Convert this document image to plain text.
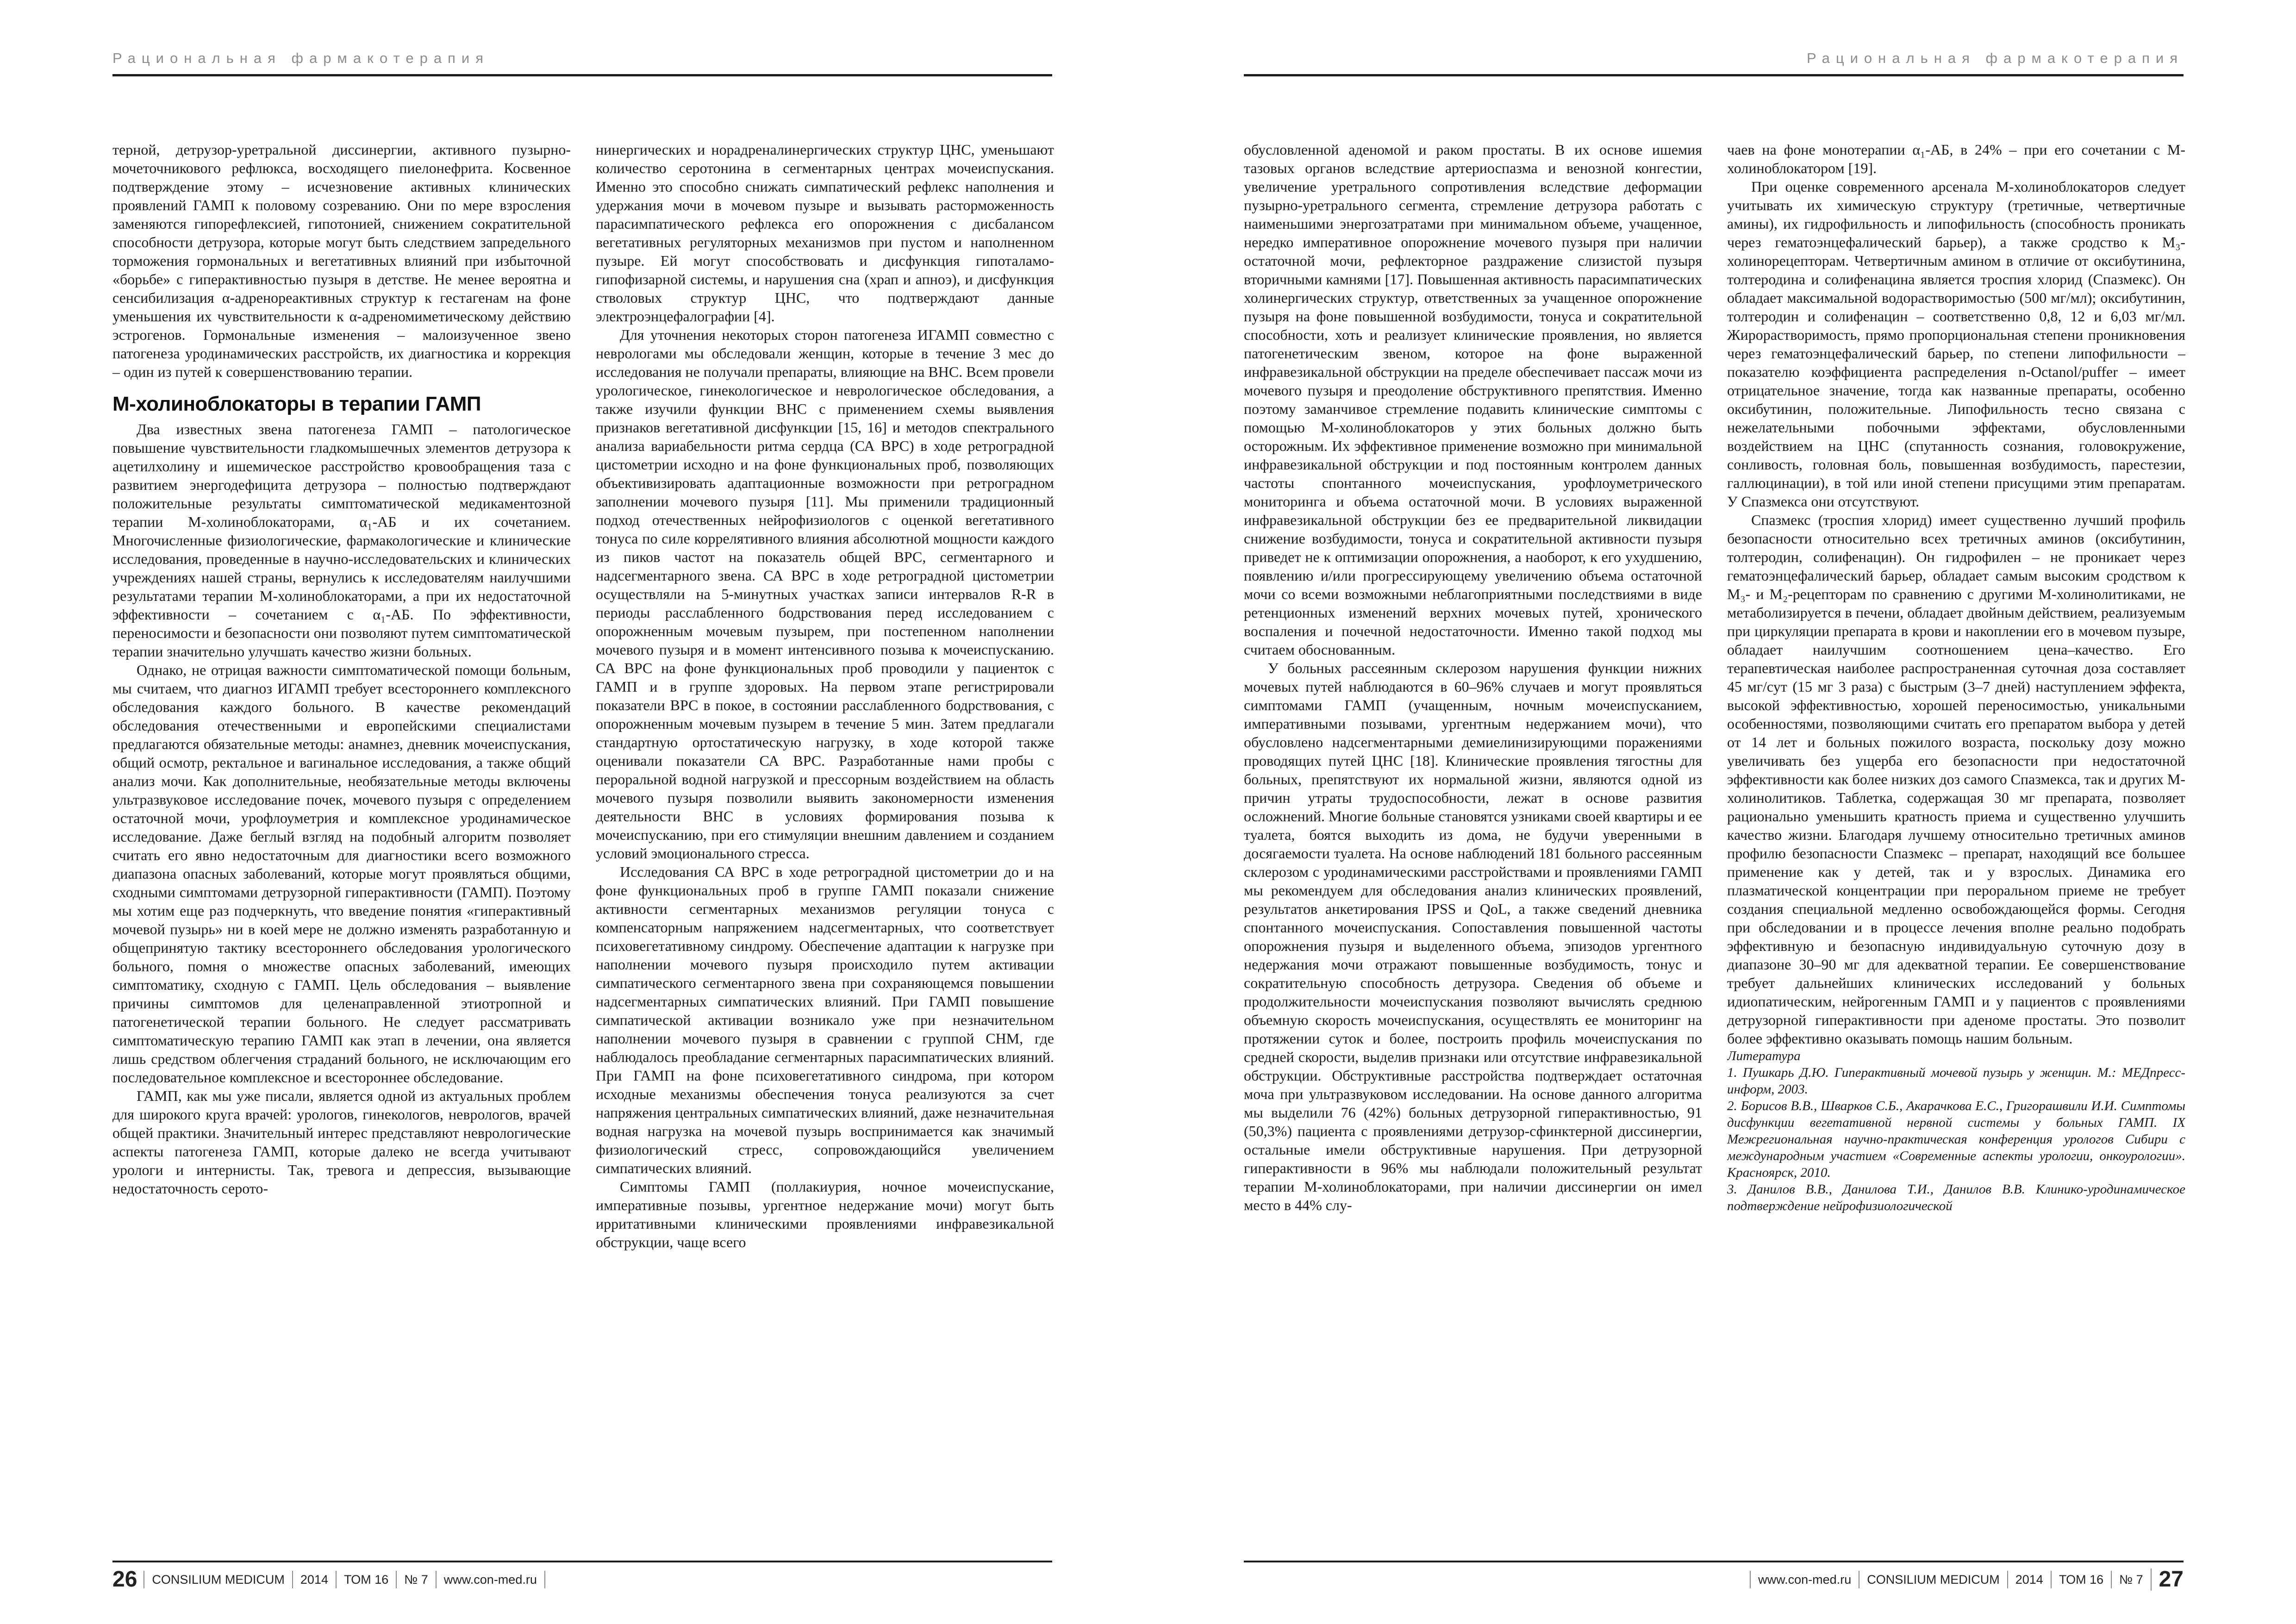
Рациональная фармакотерапия

терной, детрузор-уретральной диссинергии, активного пузырно-мочеточникового рефлюкса, восходящего пиелонефрита. Косвенное подтверждение этому – исчезновение активных клинических проявлений ГАМП к половому созреванию. Они по мере взросления заменяются гипорефлексией, гипотонией, снижением сократительной способности детрузора, которые могут быть следствием запредельного торможения гормональных и вегетативных влияний при избыточной «борьбе» с гиперактивностью пузыря в детстве. Не менее вероятна и сенсибилизация α-адренореактивных структур к гестагенам на фоне уменьшения их чувствительности к α-адреномиметическому действию эстрогенов. Гормональные изменения – малоизученное звено патогенеза уродинамических расстройств, их диагностика и коррекция – один из путей к совершенствованию терапии.

М-холиноблокаторы в терапии ГАМП

Два известных звена патогенеза ГАМП – патологическое повышение чувствительности гладкомышечных элементов детрузора к ацетилхолину и ишемическое расстройство кровообращения таза с развитием энергодефицита детрузора – полностью подтверждают положительные результаты симптоматической медикаментозной терапии М-холиноблокаторами, α₁-АБ и их сочетанием. Многочисленные физиологические, фармакологические и клинические исследования, проведенные в научно-исследовательских и клинических учреждениях нашей страны, вернулись к исследователям наилучшими результатами терапии М-холиноблокаторами, а при их недостаточной эффективности – сочетанием с α₁-АБ. По эффективности, переносимости и безопасности они позволяют путем симптоматической терапии значительно улучшать качество жизни больных.

Однако, не отрицая важности симптоматической помощи больным, мы считаем, что диагноз ИГАМП требует всестороннего комплексного обследования каждого больного. В качестве рекомендаций обследования отечественными и европейскими специалистами предлагаются обязательные методы: анамнез, дневник мочеиспускания, общий осмотр, ректальное и вагинальное исследования, а также общий анализ мочи. Как дополнительные, необязательные методы включены ультразвуковое исследование почек, мочевого пузыря с определением остаточной мочи, урофлоуметрия и комплексное уродинамическое исследование. Даже беглый взгляд на подобный алгоритм позволяет считать его явно недостаточным для диагностики всего возможного диапазона опасных заболеваний, которые могут проявляться общими, сходными симптомами детрузорной гиперактивности (ГАМП). Поэтому мы хотим еще раз подчеркнуть, что введение понятия «гиперактивный мочевой пузырь» ни в коей мере не должно изменять разработанную и общепринятую тактику всестороннего обследования урологического больного, помня о множестве опасных заболеваний, имеющих симптоматику, сходную с ГАМП. Цель обследования – выявление причины симптомов для целенаправленной этиотропной и патогенетической терапии больного. Не следует рассматривать симптоматическую терапию ГАМП как этап в лечении, она является лишь средством облегчения страданий больного, не исключающим его последовательное комплексное и всестороннее обследование.

ГАМП, как мы уже писали, является одной из актуальных проблем для широкого круга врачей: урологов, гинекологов, неврологов, врачей общей практики. Значительный интерес представляют неврологические аспекты патогенеза ГАМП, которые далеко не всегда учитывают урологи и интернисты. Так, тревога и депрессия, вызывающие недостаточность серото-

нинергических и норадреналинергических структур ЦНС, уменьшают количество серотонина в сегментарных центрах мочеиспускания. Именно это способно снижать симпатический рефлекс наполнения и удержания мочи в мочевом пузыре и вызывать расторможенность парасимпатического рефлекса его опорожнения с дисбалансом вегетативных регуляторных механизмов при пустом и наполненном пузыре. Ей могут способствовать и дисфункция гипоталамо-гипофизарной системы, и нарушения сна (храп и апноэ), и дисфункция стволовых структур ЦНС, что подтверждают данные электроэнцефалографии [4].

Для уточнения некоторых сторон патогенеза ИГАМП совместно с неврологами мы обследовали женщин, которые в течение 3 мес до исследования не получали препараты, влияющие на ВНС. Всем провели урологическое, гинекологическое и неврологическое обследования, а также изучили функции ВНС с применением схемы выявления признаков вегетативной дисфункции [15, 16] и методов спектрального анализа вариабельности ритма сердца (СА ВРС) в ходе ретроградной цистометрии исходно и на фоне функциональных проб, позволяющих объективизировать адаптационные возможности при ретроградном заполнении мочевого пузыря [11]. Мы применили традиционный подход отечественных нейрофизиологов с оценкой вегетативного тонуса по силе коррелятивного влияния абсолютной мощности каждого из пиков частот на показатель общей ВРС, сегментарного и надсегментарного звена. СА ВРС в ходе ретроградной цистометрии осуществляли на 5-минутных участках записи интервалов R-R в периоды расслабленного бодрствования перед исследованием с опорожненным мочевым пузырем, при постепенном наполнении мочевого пузыря и в момент интенсивного позыва к мочеиспусканию. СА ВРС на фоне функциональных проб проводили у пациенток с ГАМП и в группе здоровых. На первом этапе регистрировали показатели ВРС в покое, в состоянии расслабленного бодрствования, с опорожненным мочевым пузырем в течение 5 мин. Затем предлагали стандартную ортостатическую нагрузку, в ходе которой также оценивали показатели СА ВРС. Разработанные нами пробы с пероральной водной нагрузкой и прессорным воздействием на область мочевого пузыря позволили выявить закономерности изменения деятельности ВНС в условиях формирования позыва к мочеиспусканию, при его стимуляции внешним давлением и созданием условий эмоционального стресса.

Исследования СА ВРС в ходе ретроградной цистометрии до и на фоне функциональных проб в группе ГАМП показали снижение активности сегментарных механизмов регуляции тонуса с компенсаторным напряжением надсегментарных, что соответствует психовегетативному синдрому. Обеспечение адаптации к нагрузке при наполнении мочевого пузыря происходило путем активации симпатического сегментарного звена при сохраняющемся повышении надсегментарных симпатических влияний. При ГАМП повышение симпатической активации возникало уже при незначительном наполнении мочевого пузыря в сравнении с группой СНМ, где наблюдалось преобладание сегментарных парасимпатических влияний. При ГАМП на фоне психовегетативного синдрома, при котором исходные механизмы обеспечения тонуса реализуются за счет напряжения центральных симпатических влияний, даже незначительная водная нагрузка на мочевой пузырь воспринимается как значимый физиологический стресс, сопровождающийся увеличением симпатических влияний.

Симптомы ГАМП (поллакиурия, ночное мочеиспускание, императивные позывы, ургентное недержание мочи) могут быть ирритативными клиническими проявлениями инфравезикальной обструкции, чаще всего

26	CONSILIUM MEDICUM	2014	ТОМ 16	№ 7	www.con-med.ru
Рациональная фармакотерапия

обусловленной аденомой и раком простаты. В их основе ишемия тазовых органов вследствие артериоспазма и венозной конгестии, увеличение уретрального сопротивления вследствие деформации пузырно-уретрального сегмента, стремление детрузора работать с наименьшими энергозатратами при минимальном объеме, учащенное, нередко императивное опорожнение мочевого пузыря при наличии остаточной мочи, рефлекторное раздражение слизистой пузыря вторичными камнями [17]. Повышенная активность парасимпатических холинергических структур, ответственных за учащенное опорожнение пузыря на фоне повышенной возбудимости, тонуса и сократительной способности, хоть и реализует клинические проявления, но является патогенетическим звеном, которое на фоне выраженной инфравезикальной обструкции на пределе обеспечивает пассаж мочи из мочевого пузыря и преодоление обструктивного препятствия. Именно поэтому заманчивое стремление подавить клинические симптомы с помощью М-холиноблокаторов у этих больных должно быть осторожным. Их эффективное применение возможно при минимальной инфравезикальной обструкции и под постоянным контролем данных частоты спонтанного мочеиспускания, урофлоуметрического мониторинга и объема остаточной мочи. В условиях выраженной инфравезикальной обструкции без ее предварительной ликвидации снижение возбудимости, тонуса и сократительной активности пузыря приведет не к оптимизации опорожнения, а наоборот, к его ухудшению, появлению и/или прогрессирующему увеличению объема остаточной мочи со всеми возможными неблагоприятными последствиями в виде ретенционных изменений верхних мочевых путей, хронического воспаления и почечной недостаточности. Именно такой подход мы считаем обоснованным.

У больных рассеянным склерозом нарушения функции нижних мочевых путей наблюдаются в 60–96% случаев и могут проявляться симптомами ГАМП (учащенным, ночным мочеиспусканием, императивными позывами, ургентным недержанием мочи), что обусловлено надсегментарными демиелинизирующими поражениями проводящих путей ЦНС [18]. Клинические проявления тягостны для больных, препятствуют их нормальной жизни, являются одной из причин утраты трудоспособности, лежат в основе развития осложнений. Многие больные становятся узниками своей квартиры и ее туалета, боятся выходить из дома, не будучи уверенными в досягаемости туалета. На основе наблюдений 181 больного рассеянным склерозом с уродинамическими расстройствами и проявлениями ГАМП мы рекомендуем для обследования анализ клинических проявлений, результатов анкетирования IPSS и QoL, а также сведений дневника спонтанного мочеиспускания. Сопоставления повышенной частоты опорожнения пузыря и выделенного объема, эпизодов ургентного недержания мочи отражают повышенные возбудимость, тонус и сократительную способность детрузора. Сведения об объеме и продолжительности мочеиспускания позволяют вычислять среднюю объемную скорость мочеиспускания, осуществлять ее мониторинг на протяжении суток и более, построить профиль мочеиспускания по средней скорости, выделив признаки или отсутствие инфравезикальной обструкции. Обструктивные расстройства подтверждает остаточная моча при ультразвуковом исследовании. На основе данного алгоритма мы выделили 76 (42%) больных детрузорной гиперактивностью, 91 (50,3%) пациента с проявлениями детрузор-сфинктерной диссинергии, остальные имели обструктивные нарушения. При детрузорной гиперактивности в 96% мы наблюдали положительный результат терапии М-холиноблокаторами, при наличии диссинергии он имел место в 44% слу-

чаев на фоне монотерапии α₁-АБ, в 24% – при его сочетании с М-холиноблокатором [19].

При оценке современного арсенала М-холиноблокаторов следует учитывать их химическую структуру (третичные, четвертичные амины), их гидрофильность и липофильность (способность проникать через гематоэнцефалический барьер), а также сродство к М₃-холинорецепторам. Четвертичным амином в отличие от оксибутинина, толтеродина и солифенацина является троспия хлорид (Спазмекс). Он обладает максимальной водорастворимостью (500 мг/мл); оксибутинин, толтеродин и солифенацин – соответственно 0,8, 12 и 6,03 мг/мл. Жирорастворимость, прямо пропорциональная степени проникновения через гематоэнцефалический барьер, по степени липофильности – показателю коэффициента распределения n-Octanol/puffer – имеет отрицательное значение, тогда как названные препараты, особенно оксибутинин, положительные. Липофильность тесно связана с нежелательными побочными эффектами, обусловленными воздействием на ЦНС (спутанность сознания, головокружение, сонливость, головная боль, повышенная возбудимость, парестезии, галлюцинации), в той или иной степени присущими этим препаратам. У Спазмекса они отсутствуют.

Спазмекс (троспия хлорид) имеет существенно лучший профиль безопасности относительно всех третичных аминов (оксибутинин, толтеродин, солифенацин). Он гидрофилен – не проникает через гематоэнцефалический барьер, обладает самым высоким сродством к М₃- и М₂-рецепторам по сравнению с другими М-холинолитиками, не метаболизируется в печени, обладает двойным действием, реализуемым при циркуляции препарата в крови и накоплении его в мочевом пузыре, обладает наилучшим соотношением цена–качество. Его терапевтическая наиболее распространенная суточная доза составляет 45 мг/сут (15 мг 3 раза) с быстрым (3–7 дней) наступлением эффекта, высокой эффективностью, хорошей переносимостью, уникальными особенностями, позволяющими считать его препаратом выбора у детей от 14 лет и больных пожилого возраста, поскольку дозу можно увеличивать без ущерба его безопасности при недостаточной эффективности как более низких доз самого Спазмекса, так и других М-холинолитиков. Таблетка, содержащая 30 мг препарата, позволяет рационально уменьшить кратность приема и существенно улучшить качество жизни. Благодаря лучшему относительно третичных аминов профилю безопасности Спазмекс – препарат, находящий все большее применение как у детей, так и у взрослых. Динамика его плазматической концентрации при пероральном приеме не требует создания специальной медленно освобождающейся формы. Сегодня при обследовании и в процессе лечения вполне реально подобрать эффективную и безопасную индивидуальную суточную дозу в диапазоне 30–90 мг для адекватной терапии. Ее совершенствование требует дальнейших клинических исследований у больных идиопатическим, нейрогенным ГАМП и у пациентов с проявлениями детрузорной гиперактивности при аденоме простаты. Это позволит более эффективно оказывать помощь нашим больным.

Литература

1. Пушкарь Д.Ю. Гиперактивный мочевой пузырь у женщин. М.: МЕДпресс-информ, 2003.

2. Борисов В.В., Шварков С.Б., Акарачкова Е.С., Григорашвили И.И. Симптомы дисфункции вегетативной нервной системы у больных ГАМП. IX Межрегиональная научно-практическая конференция урологов Сибири с международным участием «Современные аспекты урологии, онкоурологии». Красноярск, 2010.

3. Данилов В.В., Данилова Т.И., Данилов В.В. Клинико-уродинамическое подтверждение нейрофизиологической

www.con-med.ru	CONSILIUM MEDICUM	2014	ТОМ 16	№ 7 27
